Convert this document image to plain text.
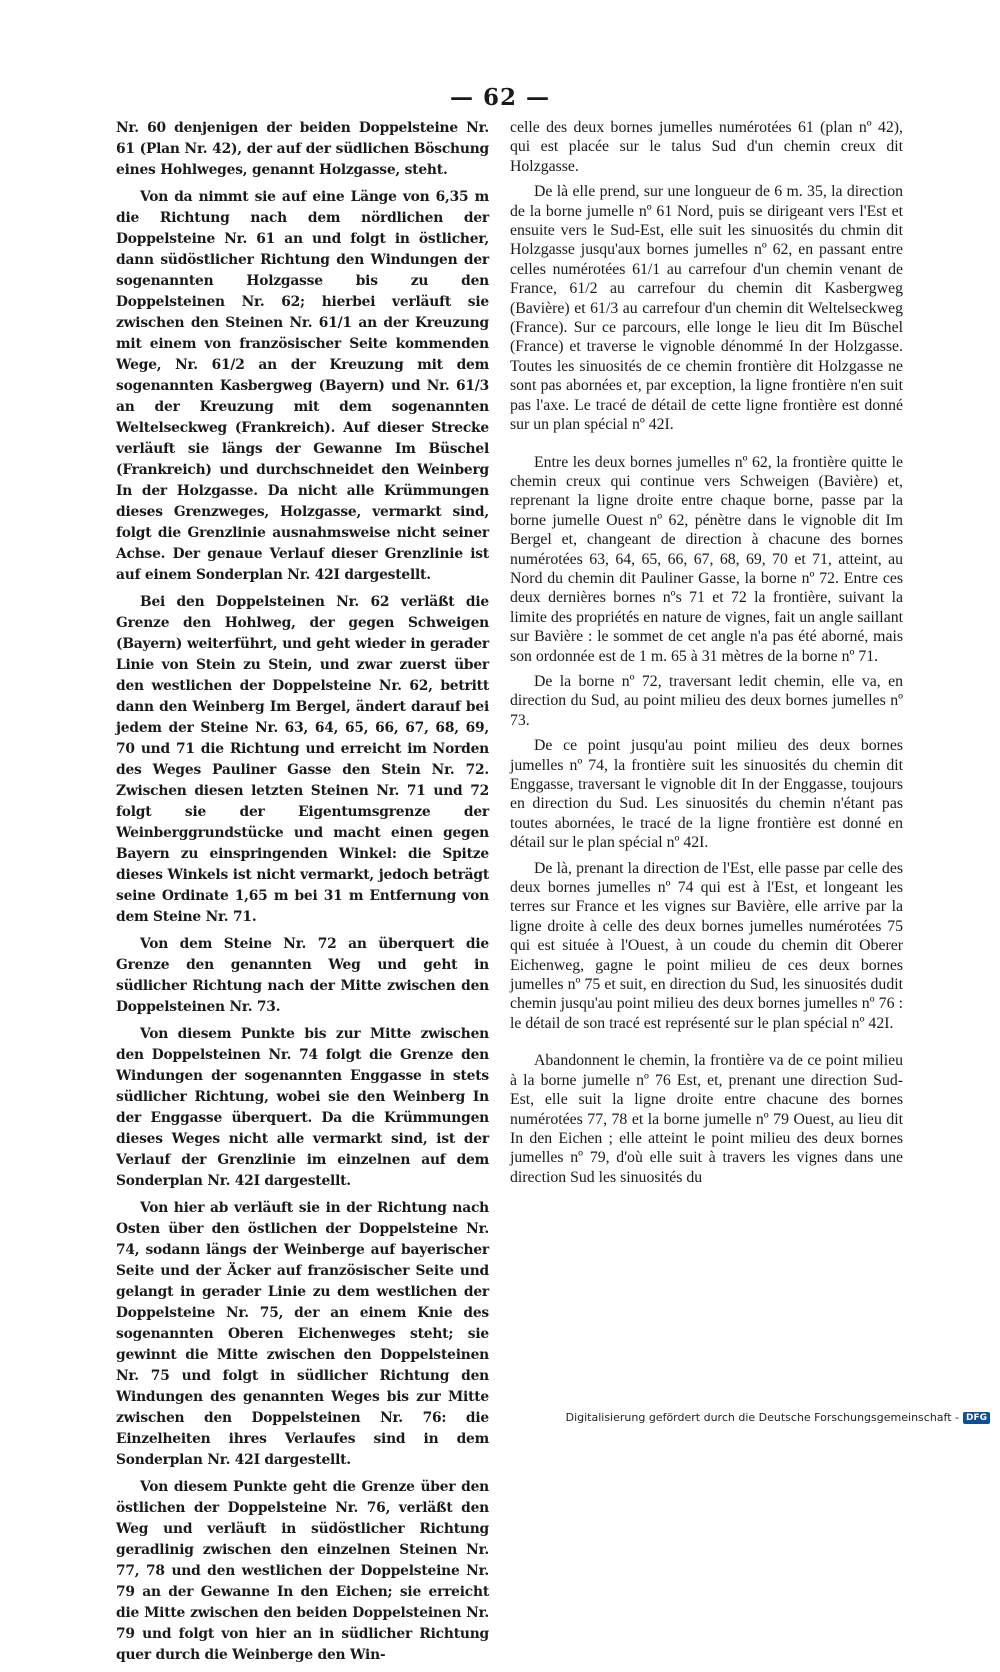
— 62 —

Nr. 60 denjenigen der beiden Doppelsteine Nr. 61 (Plan Nr. 42), der auf der südlichen Böschung eines Hohlweges, genannt Holzgasse, steht.

Von da nimmt sie auf eine Länge von 6,35 m die Richtung nach dem nördlichen der Doppelsteine Nr. 61 an und folgt in östlicher, dann südöstlicher Richtung den Windungen der sogenannten Holzgasse bis zu den Doppelsteinen Nr. 62; hierbei verläuft sie zwischen den Steinen Nr. 61/1 an der Kreuzung mit einem von französischer Seite kommenden Wege, Nr. 61/2 an der Kreuzung mit dem sogenannten Kasbergweg (Bayern) und Nr. 61/3 an der Kreuzung mit dem sogenannten Weltelseckweg (Frankreich). Auf dieser Strecke verläuft sie längs der Gewanne Im Büschel (Frankreich) und durchschneidet den Weinberg In der Holzgasse. Da nicht alle Krümmungen dieses Grenzweges, Holzgasse, vermarkt sind, folgt die Grenzlinie ausnahmsweise nicht seiner Achse. Der genaue Verlauf dieser Grenzlinie ist auf einem Sonderplan Nr. 42I dargestellt.

Bei den Doppelsteinen Nr. 62 verläßt die Grenze den Hohlweg, der gegen Schweigen (Bayern) weiterführt, und geht wieder in gerader Linie von Stein zu Stein, und zwar zuerst über den westlichen der Doppelsteine Nr. 62, betritt dann den Weinberg Im Bergel, ändert darauf bei jedem der Steine Nr. 63, 64, 65, 66, 67, 68, 69, 70 und 71 die Richtung und erreicht im Norden des Weges Pauliner Gasse den Stein Nr. 72. Zwischen diesen letzten Steinen Nr. 71 und 72 folgt sie der Eigentumsgrenze der Weinberggrundstücke und macht einen gegen Bayern zu einspringenden Winkel: die Spitze dieses Winkels ist nicht vermarkt, jedoch beträgt seine Ordinate 1,65 m bei 31 m Entfernung von dem Steine Nr. 71.

Von dem Steine Nr. 72 an überquert die Grenze den genannten Weg und geht in südlicher Richtung nach der Mitte zwischen den Doppelsteinen Nr. 73.

Von diesem Punkte bis zur Mitte zwischen den Doppelsteinen Nr. 74 folgt die Grenze den Windungen der sogenannten Enggasse in stets südlicher Richtung, wobei sie den Weinberg In der Enggasse überquert. Da die Krümmungen dieses Weges nicht alle vermarkt sind, ist der Verlauf der Grenzlinie im einzelnen auf dem Sonderplan Nr. 42I dargestellt.

Von hier ab verläuft sie in der Richtung nach Osten über den östlichen der Doppelsteine Nr. 74, sodann längs der Weinberge auf bayerischer Seite und der Äcker auf französischer Seite und gelangt in gerader Linie zu dem westlichen der Doppelsteine Nr. 75, der an einem Knie des sogenannten Oberen Eichenweges steht; sie gewinnt die Mitte zwischen den Doppelsteinen Nr. 75 und folgt in südlicher Richtung den Windungen des genannten Weges bis zur Mitte zwischen den Doppelsteinen Nr. 76: die Einzelheiten ihres Verlaufes sind in dem Sonderplan Nr. 42I dargestellt.

Von diesem Punkte geht die Grenze über den östlichen der Doppelsteine Nr. 76, verläßt den Weg und verläuft in südöstlicher Richtung geradlinig zwischen den einzelnen Steinen Nr. 77, 78 und den westlichen der Doppelsteine Nr. 79 an der Gewanne In den Eichen; sie erreicht die Mitte zwischen den beiden Doppelsteinen Nr. 79 und folgt von hier an in südlicher Richtung quer durch die Weinberge den Win-

celle des deux bornes jumelles numérotées 61 (plan nº 42), qui est placée sur le talus Sud d'un chemin creux dit Holzgasse.

De là elle prend, sur une longueur de 6 m. 35, la direction de la borne jumelle nº 61 Nord, puis se dirigeant vers l'Est et ensuite vers le Sud-Est, elle suit les sinuosités du chmin dit Holzgasse jusqu'aux bornes jumelles nº 62, en passant entre celles numérotées 61/1 au carrefour d'un chemin venant de France, 61/2 au carrefour du chemin dit Kasbergweg (Bavière) et 61/3 au carrefour d'un chemin dit Weltelseckweg (France). Sur ce parcours, elle longe le lieu dit Im Büschel (France) et traverse le vignoble dénommé In der Holzgasse. Toutes les sinuosités de ce chemin frontière dit Holzgasse ne sont pas abornées et, par exception, la ligne frontière n'en suit pas l'axe. Le tracé de détail de cette ligne frontière est donné sur un plan spécial nº 42I.

Entre les deux bornes jumelles nº 62, la frontière quitte le chemin creux qui continue vers Schweigen (Bavière) et, reprenant la ligne droite entre chaque borne, passe par la borne jumelle Ouest nº 62, pénètre dans le vignoble dit Im Bergel et, changeant de direction à chacune des bornes numérotées 63, 64, 65, 66, 67, 68, 69, 70 et 71, atteint, au Nord du chemin dit Pauliner Gasse, la borne nº 72. Entre ces deux dernières bornes nºs 71 et 72 la frontière, suivant la limite des propriétés en nature de vignes, fait un angle saillant sur Bavière : le sommet de cet angle n'a pas été aborné, mais son ordonnée est de 1 m. 65 à 31 mètres de la borne nº 71.

De la borne nº 72, traversant ledit chemin, elle va, en direction du Sud, au point milieu des deux bornes jumelles nº 73.

De ce point jusqu'au point milieu des deux bornes jumelles nº 74, la frontière suit les sinuosités du chemin dit Enggasse, traversant le vignoble dit In der Enggasse, toujours en direction du Sud. Les sinuosités du chemin n'étant pas toutes abornées, le tracé de la ligne frontière est donné en détail sur le plan spécial nº 42I.

De là, prenant la direction de l'Est, elle passe par celle des deux bornes jumelles nº 74 qui est à l'Est, et longeant les terres sur France et les vignes sur Bavière, elle arrive par la ligne droite à celle des deux bornes jumelles numérotées 75 qui est située à l'Ouest, à un coude du chemin dit Oberer Eichenweg, gagne le point milieu de ces deux bornes jumelles nº 75 et suit, en direction du Sud, les sinuosités dudit chemin jusqu'au point milieu des deux bornes jumelles nº 76 : le détail de son tracé est représenté sur le plan spécial nº 42I.

Abandonnent le chemin, la frontière va de ce point milieu à la borne jumelle nº 76 Est, et, prenant une direction Sud-Est, elle suit la ligne droite entre chacune des bornes numérotées 77, 78 et la borne jumelle nº 79 Ouest, au lieu dit In den Eichen ; elle atteint le point milieu des deux bornes jumelles nº 79, d'où elle suit à travers les vignes dans une direction Sud les sinuosités du

Digitalisierung gefördert durch die Deutsche Forschungsgemeinschaft - DFG
